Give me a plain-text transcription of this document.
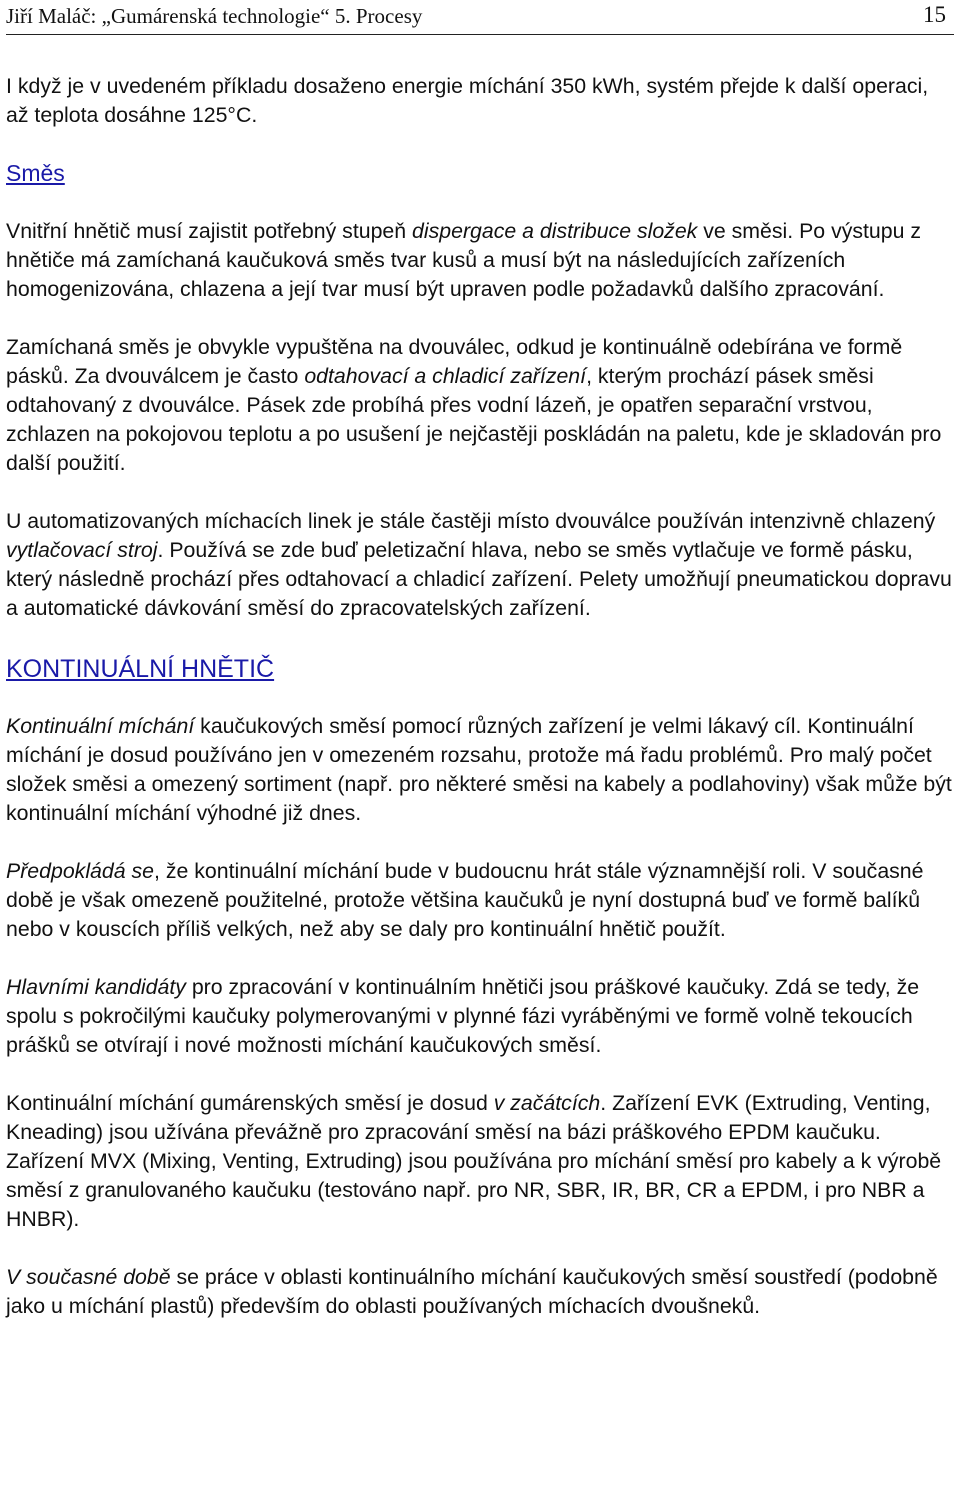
Jiří Maláč: „Gumárenská technologie“ 5. Procesy	15

I když je v uvedeném příkladu dosaženo energie míchání 350 kWh, systém přejde k další operaci, až teplota dosáhne 125°C.

Směs

Vnitřní hnětič musí zajistit potřebný stupeň dispergace a distribuce složek ve směsi. Po výstupu z hnětiče má zamíchaná kaučuková směs tvar kusů a musí být na následujících zařízeních homogenizována, chlazena a její tvar musí být upraven podle požadavků dalšího zpracování.

Zamíchaná směs je obvykle vypuštěna na dvouválec, odkud je kontinuálně odebírána ve formě pásků. Za dvouválcem je často odtahovací a chladicí zařízení, kterým prochází pásek směsi odtahovaný z dvouválce. Pásek zde probíhá přes vodní lázeň, je opatřen separační vrstvou, zchlazen na pokojovou teplotu a po usušení je nejčastěji poskládán na paletu, kde je skladován pro další použití.

U automatizovaných míchacích linek je stále častěji místo dvouválce používán intenzivně chlazený vytlačovací stroj. Používá se zde buď peletizační hlava, nebo se směs vytlačuje ve formě pásku, který následně prochází přes odtahovací a chladicí zařízení. Pelety umožňují pneumatickou dopravu a automatické dávkování směsí do zpracovatelských zařízení.

KONTINUÁLNÍ HNĚTIČ

Kontinuální míchání kaučukových směsí pomocí různých zařízení je velmi lákavý cíl. Kontinuální míchání je dosud používáno jen v omezeném rozsahu, protože má řadu problémů. Pro malý počet složek směsi a omezený sortiment (např. pro některé směsi na kabely a podlahoviny) však může být kontinuální míchání výhodné již dnes.

Předpokládá se, že kontinuální míchání bude v budoucnu hrát stále významnější roli. V současné době je však omezeně použitelné, protože většina kaučuků je nyní dostupná buď ve formě balíků nebo v kouscích příliš velkých, než aby se daly pro kontinuální hnětič použít.

Hlavními kandidáty pro zpracování v kontinuálním hnětiči jsou práškové kaučuky. Zdá se tedy, že spolu s pokročilými kaučuky polymerovanými v plynné fázi vyráběnými ve formě volně tekoucích prášků se otvírají i nové možnosti míchání kaučukových směsí.

Kontinuální míchání gumárenských směsí je dosud v začátcích. Zařízení EVK (Extruding, Venting, Kneading) jsou užívána převážně pro zpracování směsí na bázi práškového EPDM kaučuku. Zařízení MVX (Mixing, Venting, Extruding) jsou používána pro míchání směsí pro kabely a k výrobě směsí z granulovaného kaučuku (testováno např. pro NR, SBR, IR, BR, CR a EPDM, i pro NBR a HNBR).

V současné době se práce v oblasti kontinuálního míchání kaučukových směsí soustředí (podobně jako u míchání plastů) především do oblasti používaných míchacích dvoušneků.
